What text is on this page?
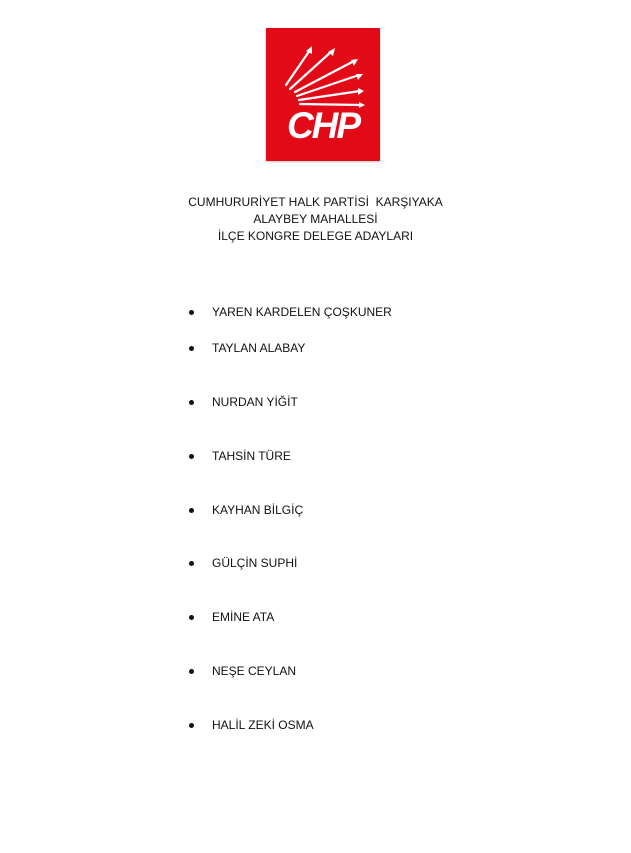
CHP
CUMHURURİYET HALK PARTİSİ  KARŞIYAKA
ALAYBEY MAHALLESİ
İLÇE KONGRE DELEGE ADAYLARI
YAREN KARDELEN ÇOŞKUNER
TAYLAN ALABAY
NURDAN YİĞİT
TAHSİN TÜRE
KAYHAN BİLGİÇ
GÜLÇİN SUPHİ
EMİNE ATA
NEŞE CEYLAN
HALİL ZEKİ OSMA
